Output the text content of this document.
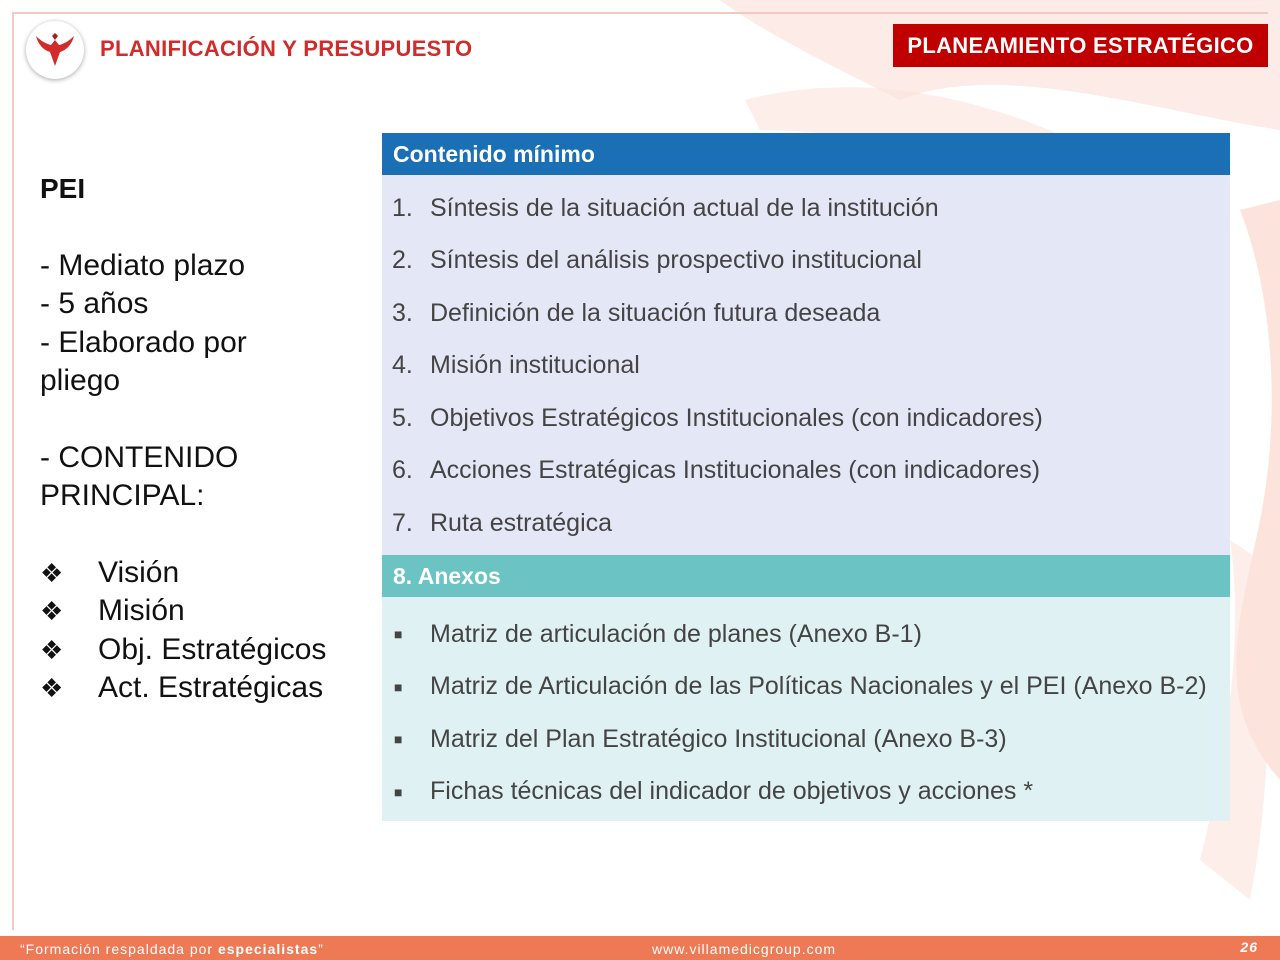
PLANIFICACIÓN Y PRESUPUESTO	PLANEAMIENTO ESTRATÉGICO
PEI
- Mediato plazo
- 5 años
- Elaborado por
pliego
- CONTENIDO
PRINCIPAL:
❖	Visión
❖	Misión
❖	Obj. Estratégicos
❖	Act. Estratégicas
Contenido mínimo
1. Síntesis de la situación actual de la institución
2. Síntesis del análisis prospectivo institucional
3. Definición de la situación futura deseada
4. Misión institucional
5. Objetivos Estratégicos Institucionales (con indicadores)
6. Acciones Estratégicas Institucionales (con indicadores)
7. Ruta estratégica
8. Anexos
■	Matriz de articulación de planes (Anexo B-1)
■	Matriz de Articulación de las Políticas Nacionales y el PEI (Anexo B-2)
■	Matriz del Plan Estratégico Institucional (Anexo B-3)
■	Fichas técnicas del indicador de objetivos y acciones *
“Formación respaldada por especialistas”	www.villamedicgroup.com	26
